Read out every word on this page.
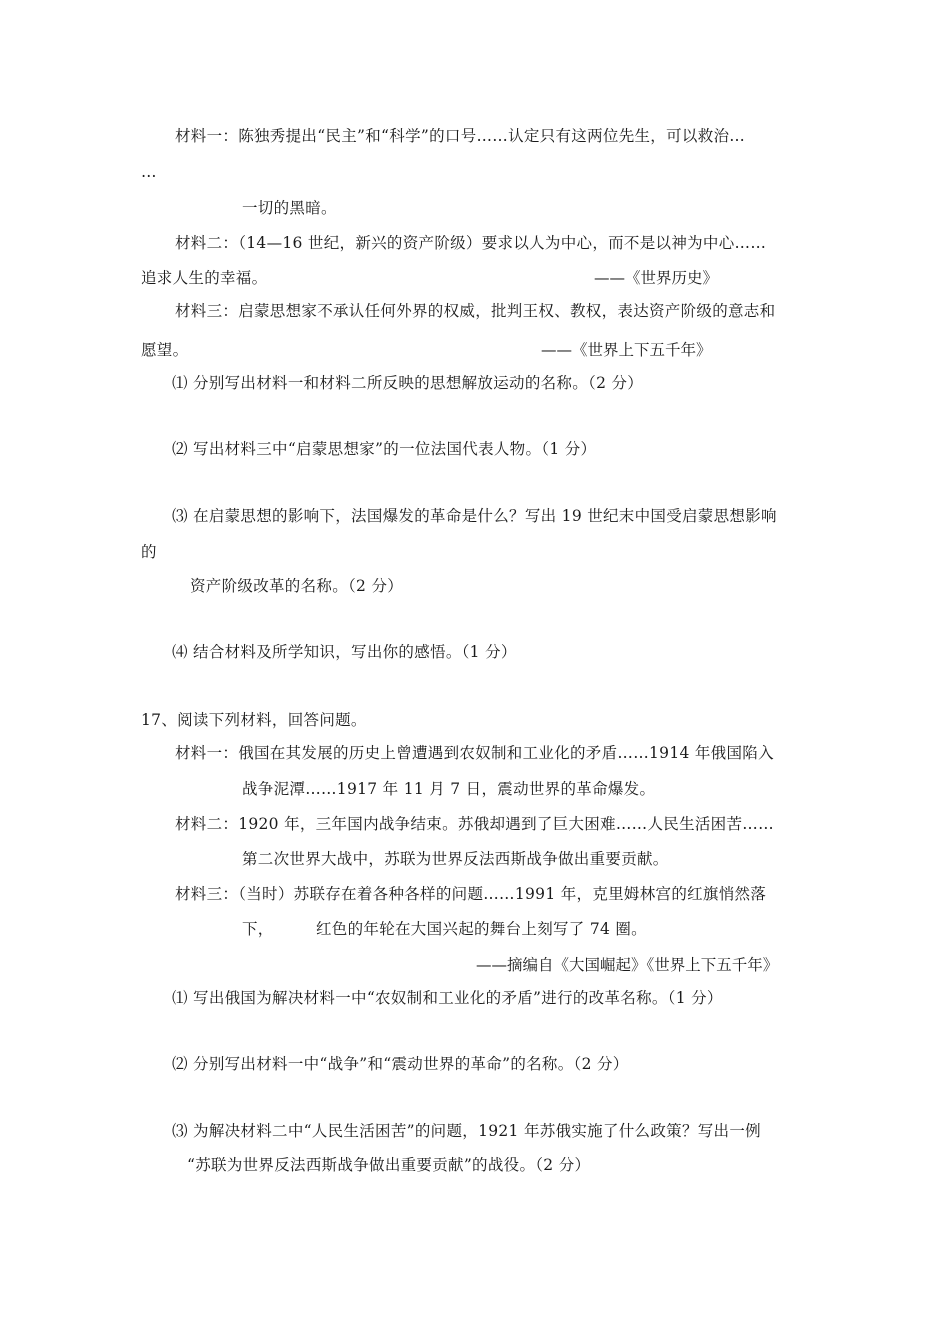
材料一：陈独秀提出“民主”和“科学”的口号……认定只有这两位先生，可以救治…
…
一切的黑暗。
材料二：（14—16 世纪，新兴的资产阶级）要求以人为中心，而不是以神为中心……
追求人生的幸福。	——《世界历史》
材料三：启蒙思想家不承认任何外界的权威，批判王权、教权，表达资产阶级的意志和
愿望。	——《世界上下五千年》
⑴ 分别写出材料一和材料二所反映的思想解放运动的名称。（2 分）
⑵ 写出材料三中“启蒙思想家”的一位法国代表人物。（1 分）
⑶ 在启蒙思想的影响下，法国爆发的革命是什么？写出 19 世纪末中国受启蒙思想影响
的
资产阶级改革的名称。（2 分）
⑷ 结合材料及所学知识，写出你的感悟。（1 分）
17、阅读下列材料，回答问题。
材料一：俄国在其发展的历史上曾遭遇到农奴制和工业化的矛盾……1914 年俄国陷入
战争泥潭……1917 年 11 月 7 日，震动世界的革命爆发。
材料二：1920 年，三年国内战争结束。苏俄却遇到了巨大困难……人民生活困苦……
第二次世界大战中，苏联为世界反法西斯战争做出重要贡献。
材料三：（当时）苏联存在着各种各样的问题……1991 年，克里姆林宫的红旗悄然落
下，	红色的年轮在大国兴起的舞台上刻写了 74 圈。
——摘编自《大国崛起》《世界上下五千年》
⑴ 写出俄国为解决材料一中“农奴制和工业化的矛盾”进行的改革名称。（1 分）
⑵ 分别写出材料一中“战争”和“震动世界的革命”的名称。（2 分）
⑶ 为解决材料二中“人民生活困苦”的问题，1921 年苏俄实施了什么政策？写出一例
“苏联为世界反法西斯战争做出重要贡献”的战役。（2 分）
